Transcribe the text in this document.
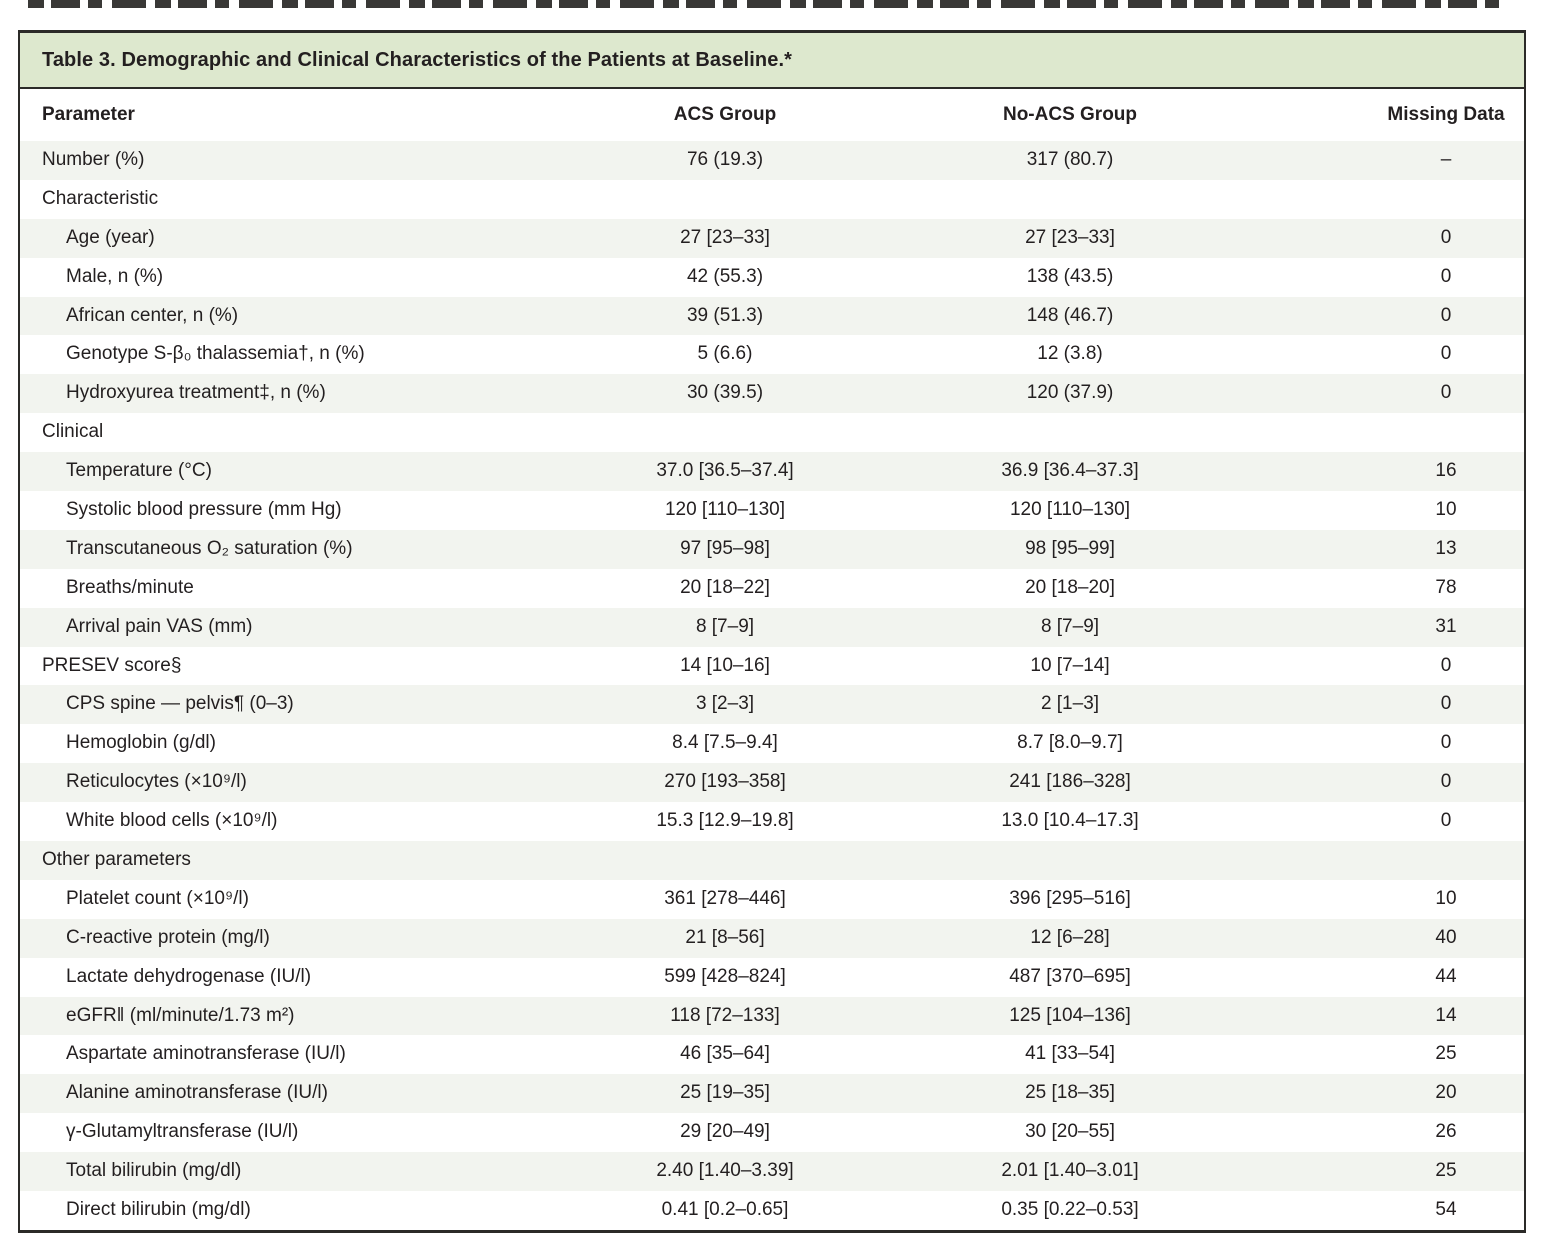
Table 3. Demographic and Clinical Characteristics of the Patients at Baseline.*
Parameter	ACS Group	No-ACS Group	Missing Data
Number (%)	76 (19.3)	317 (80.7)	–
Characteristic
Age (year)	27 [23–33]	27 [23–33]	0
Male, n (%)	42 (55.3)	138 (43.5)	0
African center, n (%)	39 (51.3)	148 (46.7)	0
Genotype S-β₀ thalassemia†, n (%)	5 (6.6)	12 (3.8)	0
Hydroxyurea treatment‡, n (%)	30 (39.5)	120 (37.9)	0
Clinical
Temperature (°C)	37.0 [36.5–37.4]	36.9 [36.4–37.3]	16
Systolic blood pressure (mm Hg)	120 [110–130]	120 [110–130]	10
Transcutaneous O₂ saturation (%)	97 [95–98]	98 [95–99]	13
Breaths/minute	20 [18–22]	20 [18–20]	78
Arrival pain VAS (mm)	8 [7–9]	8 [7–9]	31
PRESEV score§	14 [10–16]	10 [7–14]	0
CPS spine — pelvis¶ (0–3)	3 [2–3]	2 [1–3]	0
Hemoglobin (g/dl)	8.4 [7.5–9.4]	8.7 [8.0–9.7]	0
Reticulocytes (×10⁹/l)	270 [193–358]	241 [186–328]	0
White blood cells (×10⁹/l)	15.3 [12.9–19.8]	13.0 [10.4–17.3]	0
Other parameters
Platelet count (×10⁹/l)	361 [278–446]	396 [295–516]	10
C-reactive protein (mg/l)	21 [8–56]	12 [6–28]	40
Lactate dehydrogenase (IU/l)	599 [428–824]	487 [370–695]	44
eGFR‖ (ml/minute/1.73 m²)	118 [72–133]	125 [104–136]	14
Aspartate aminotransferase (IU/l)	46 [35–64]	41 [33–54]	25
Alanine aminotransferase (IU/l)	25 [19–35]	25 [18–35]	20
γ-Glutamyltransferase (IU/l)	29 [20–49]	30 [20–55]	26
Total bilirubin (mg/dl)	2.40 [1.40–3.39]	2.01 [1.40–3.01]	25
Direct bilirubin (mg/dl)	0.41 [0.2–0.65]	0.35 [0.22–0.53]	54
